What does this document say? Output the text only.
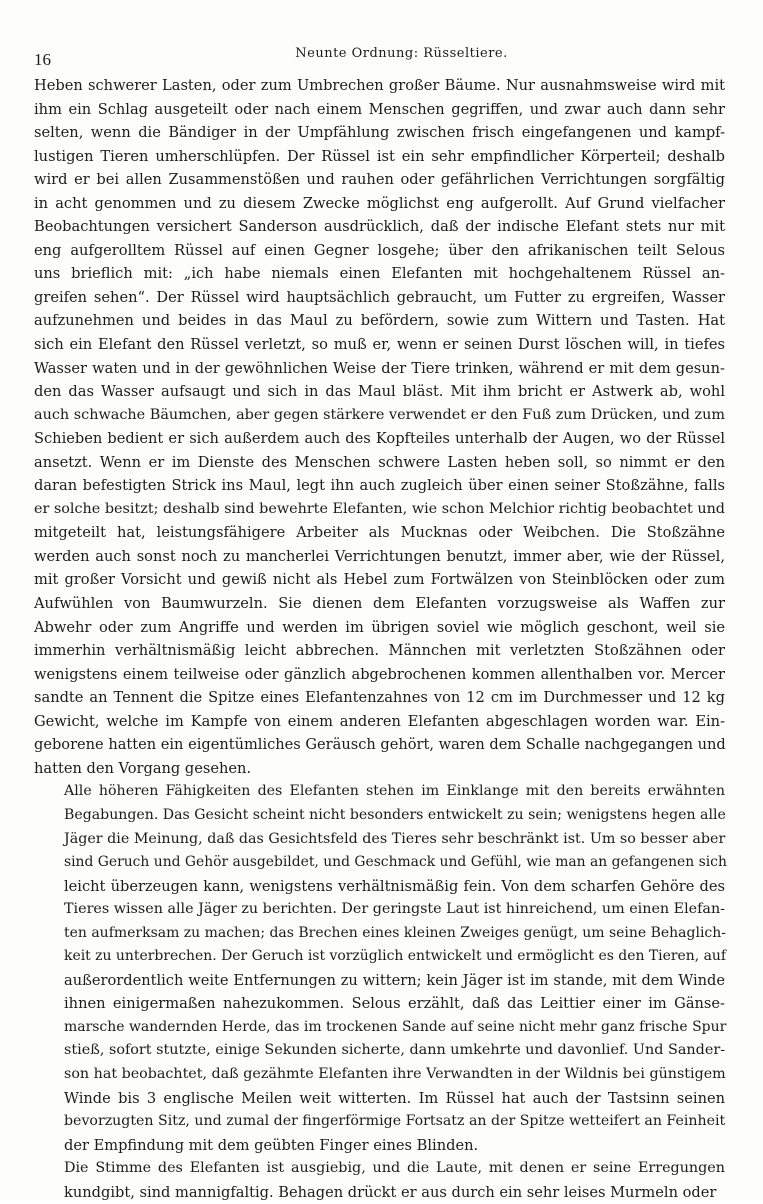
16	Neunte Ordnung: Rüsseltiere.

Heben schwerer Lasten, oder zum Umbrechen großer Bäume. Nur ausnahmsweise wird mit
ihm ein Schlag ausgeteilt oder nach einem Menschen gegriffen, und zwar auch dann sehr
selten, wenn die Bändiger in der Umpfählung zwischen frisch eingefangenen und kampf-
lustigen Tieren umherschlüpfen. Der Rüssel ist ein sehr empfindlicher Körperteil; deshalb
wird er bei allen Zusammenstößen und rauhen oder gefährlichen Verrichtungen sorgfältig
in acht genommen und zu diesem Zwecke möglichst eng aufgerollt. Auf Grund vielfacher
Beobachtungen versichert Sanderson ausdrücklich, daß der indische Elefant stets nur mit
eng aufgerolltem Rüssel auf einen Gegner losgehe; über den afrikanischen teilt Selous
uns brieflich mit: „ich habe niemals einen Elefanten mit hochgehaltenem Rüssel an-
greifen sehen“. Der Rüssel wird hauptsächlich gebraucht, um Futter zu ergreifen, Wasser
aufzunehmen und beides in das Maul zu befördern, sowie zum Wittern und Tasten. Hat
sich ein Elefant den Rüssel verletzt, so muß er, wenn er seinen Durst löschen will, in tiefes
Wasser waten und in der gewöhnlichen Weise der Tiere trinken, während er mit dem gesun-
den das Wasser aufsaugt und sich in das Maul bläst. Mit ihm bricht er Astwerk ab, wohl
auch schwache Bäumchen, aber gegen stärkere verwendet er den Fuß zum Drücken, und zum
Schieben bedient er sich außerdem auch des Kopfteiles unterhalb der Augen, wo der Rüssel
ansetzt. Wenn er im Dienste des Menschen schwere Lasten heben soll, so nimmt er den
daran befestigten Strick ins Maul, legt ihn auch zugleich über einen seiner Stoßzähne, falls
er solche besitzt; deshalb sind bewehrte Elefanten, wie schon Melchior richtig beobachtet und
mitgeteilt hat, leistungsfähigere Arbeiter als Mucknas oder Weibchen. Die Stoßzähne
werden auch sonst noch zu mancherlei Verrichtungen benutzt, immer aber, wie der Rüssel,
mit großer Vorsicht und gewiß nicht als Hebel zum Fortwälzen von Steinblöcken oder zum
Aufwühlen von Baumwurzeln. Sie dienen dem Elefanten vorzugsweise als Waffen zur
Abwehr oder zum Angriffe und werden im übrigen soviel wie möglich geschont, weil sie
immerhin verhältnismäßig leicht abbrechen. Männchen mit verletzten Stoßzähnen oder
wenigstens einem teilweise oder gänzlich abgebrochenen kommen allenthalben vor. Mercer
sandte an Tennent die Spitze eines Elefantenzahnes von 12 cm im Durchmesser und 12 kg
Gewicht, welche im Kampfe von einem anderen Elefanten abgeschlagen worden war. Ein-
geborene hatten ein eigentümliches Geräusch gehört, waren dem Schalle nachgegangen und
hatten den Vorgang gesehen.

Alle höheren Fähigkeiten des Elefanten stehen im Einklange mit den bereits erwähnten
Begabungen. Das Gesicht scheint nicht besonders entwickelt zu sein; wenigstens hegen alle
Jäger die Meinung, daß das Gesichtsfeld des Tieres sehr beschränkt ist. Um so besser aber
sind Geruch und Gehör ausgebildet, und Geschmack und Gefühl, wie man an gefangenen sich
leicht überzeugen kann, wenigstens verhältnismäßig fein. Von dem scharfen Gehöre des
Tieres wissen alle Jäger zu berichten. Der geringste Laut ist hinreichend, um einen Elefan-
ten aufmerksam zu machen; das Brechen eines kleinen Zweiges genügt, um seine Behaglich-
keit zu unterbrechen. Der Geruch ist vorzüglich entwickelt und ermöglicht es den Tieren, auf
außerordentlich weite Entfernungen zu wittern; kein Jäger ist im stande, mit dem Winde
ihnen einigermaßen nahezukommen. Selous erzählt, daß das Leittier einer im Gänse-
marsche wandernden Herde, das im trockenen Sande auf seine nicht mehr ganz frische Spur
stieß, sofort stutzte, einige Sekunden sicherte, dann umkehrte und davonlief. Und Sander-
son hat beobachtet, daß gezähmte Elefanten ihre Verwandten in der Wildnis bei günstigem
Winde bis 3 englische Meilen weit witterten. Im Rüssel hat auch der Tastsinn seinen
bevorzugten Sitz, und zumal der fingerförmige Fortsatz an der Spitze wetteifert an Feinheit
der Empfindung mit dem geübten Finger eines Blinden.

Die Stimme des Elefanten ist ausgiebig, und die Laute, mit denen er seine Erregungen
kundgibt, sind mannigfaltig. Behagen drückt er aus durch ein sehr leises Murmeln oder
